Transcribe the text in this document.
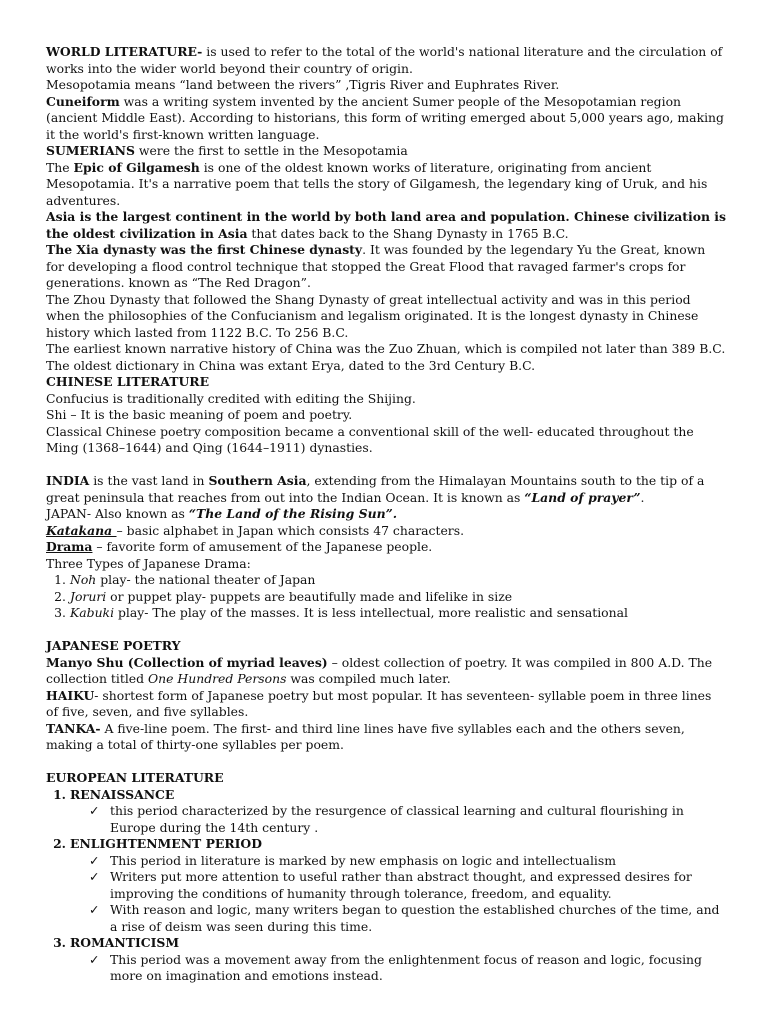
WORLD LITERATURE- is used to refer to the total of the world's national literature and the circulation of works into the wider world beyond their country of origin.

Mesopotamia means “land between the rivers” ,Tigris River and Euphrates River.

Cuneiform was a writing system invented by the ancient Sumer people of the Mesopotamian region (ancient Middle East). According to historians, this form of writing emerged about 5,000 years ago, making it the world's first-known written language.

SUMERIANS were the first to settle in the Mesopotamia

The Epic of Gilgamesh is one of the oldest known works of literature, originating from ancient Mesopotamia. It's a narrative poem that tells the story of Gilgamesh, the legendary king of Uruk, and his adventures.

Asia is the largest continent in the world by both land area and population. Chinese civilization is the oldest civilization in Asia that dates back to the Shang Dynasty in 1765 B.C.

The Xia dynasty was the first Chinese dynasty. It was founded by the legendary Yu the Great, known for developing a flood control technique that stopped the Great Flood that ravaged farmer's crops for generations. known as “The Red Dragon”.

The Zhou Dynasty that followed the Shang Dynasty of great intellectual activity and was in this period when the philosophies of the Confucianism and legalism originated. It is the longest dynasty in Chinese history which lasted from 1122 B.C. To 256 B.C.

The earliest known narrative history of China was the Zuo Zhuan, which is compiled not later than 389 B.C.

The oldest dictionary in China was extant Erya, dated to the 3rd Century B.C.

CHINESE LITERATURE

Confucius is traditionally credited with editing the Shijing.

Shi – It is the basic meaning of poem and poetry.

Classical Chinese poetry composition became a conventional skill of the well- educated throughout the Ming (1368–1644) and Qing (1644–1911) dynasties.

INDIA is the vast land in Southern Asia, extending from the Himalayan Mountains south to the tip of a great peninsula that reaches from out into the Indian Ocean. It is known as “Land of prayer”.

JAPAN- Also known as “The Land of the Rising Sun”.

Katakana – basic alphabet in Japan which consists 47 characters.

Drama – favorite form of amusement of the Japanese people.

Three Types of Japanese Drama:

1. Noh play- the national theater of Japan
2. Joruri or puppet play- puppets are beautifully made and lifelike in size
3. Kabuki play- The play of the masses. It is less intellectual, more realistic and sensational

JAPANESE POETRY

Manyo Shu (Collection of myriad leaves) – oldest collection of poetry. It was compiled in 800 A.D. The collection titled One Hundred Persons was compiled much later.

HAIKU- shortest form of Japanese poetry but most popular. It has seventeen- syllable poem in three lines of five, seven, and five syllables.

TANKA- A five-line poem. The first- and third line lines have five syllables each and the others seven, making a total of thirty-one syllables per poem.

EUROPEAN LITERATURE

1. RENAISSANCE
✓ this period characterized by the resurgence of classical learning and cultural flourishing in Europe during the 14th century .
2. ENLIGHTENMENT PERIOD
✓ This period in literature is marked by new emphasis on logic and intellectualism
✓ Writers put more attention to useful rather than abstract thought, and expressed desires for improving the conditions of humanity through tolerance, freedom, and equality.
✓ With reason and logic, many writers began to question the established churches of the time, and a rise of deism was seen during this time.
3. ROMANTICISM
✓ This period was a movement away from the enlightenment focus of reason and logic, focusing more on imagination and emotions instead.
